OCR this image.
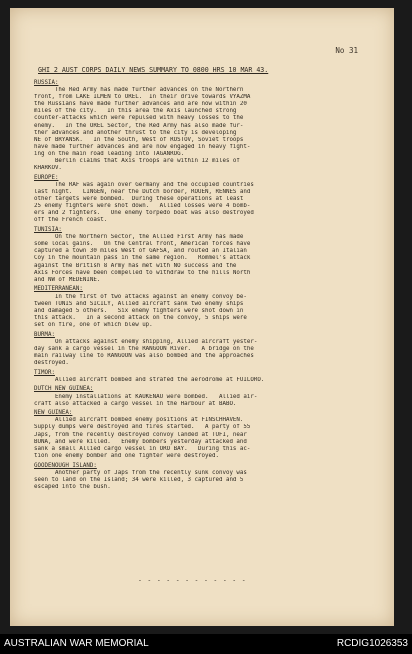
No 31
GHI 2 AUST CORPS DAILY NEWS SUMMARY TO 0800 HRS 10 MAR 43.
RUSSIA:
The Red Army has made further advances on the Northern
front, from LAKE ILMEN to OREL.  In their drive towards VYAZMA
the Russians have made further advances and are now within 20
miles of the city.   In this area the Axis launched strong
counter-attacks which were repulsed with heavy losses to the
enemy.   In the OREL Sector, the Red Army has also made fur-
ther advances and another thrust to the city is developing
NE of BRYANSK.   In the South, West of ROSTOV, Soviet troops
have made further advances and are now engaged in heavy fight-
ing on the main road leading into TAGANROG.
Berlin claims that Axis troops are within 12 miles of
KHARKOV.
EUROPE:
The RAF was again over Germany and the occupied countries
last night.   LINGEN, near the Dutch border, ROUEN, RENNES and
other targets were bombed.  During these operations at least
25 enemy fighters were shot down.   Allied losses were 4 bomb-
ers and 2 fighters.   One enemy torpedo boat was also destroyed
off the French coast.
TUNISIA:
On the Northern Sector, the Allied First Army has made
some local gains.   On the Central front, American forces have
captured a town 30 miles West of GAFSA, and routed an Italian
Coy in the mountain pass in the same region.   Rommel's attack
against the British 8 Army has met with NO success and the
Axis Forces have been compelled to withdraw to the hills North
and NW of MEDENINE.
MEDITERRANEAN:
In the first of two attacks against an enemy convoy be-
tween TUNIS and SICILY, Allied aircraft sank two enemy ships
and damaged 5 others.   Six enemy fighters were shot down in
this attack.   In a second attack on the convoy, 5 ships were
set on fire, one of which blew up.
BURMA:
On attacks against enemy shipping, Allied aircraft yester-
day sank a cargo vessel in the RANGOON River.   A bridge on the
main railway line to RANGOON was also bombed and the approaches
destroyed.
TIMOR:
Allied aircraft bombed and strafed the aerodrome at FUILORO.
DUTCH NEW GUINEA:
Enemy installations at KAUKENAU were bombed.   Allied air-
craft also attacked a cargo vessel in the Harbour at BABO.
NEW GUINEA:
Allied aircraft bombed enemy positions at FINSCHHAVEN.
Supply dumps were destroyed and fires started.   A party of 55
Japs, from the recently destroyed convoy landed at TUFI, near
BUNA, and were killed.   Enemy bombers yesterday attacked and
sank a small Allied cargo vessel in ORO BAY.   During this ac-
tion one enemy bomber and one fighter were destroyed.
GOODENOUGH ISLAND:
Another party of Japs from the recently sunk convoy was
seen to land on the Island; 34 were killed, 3 captured and 5
escaped into the bush.
- - - - - - - - - - - -
AUSTRALIAN WAR MEMORIAL	RCDIG1026353
